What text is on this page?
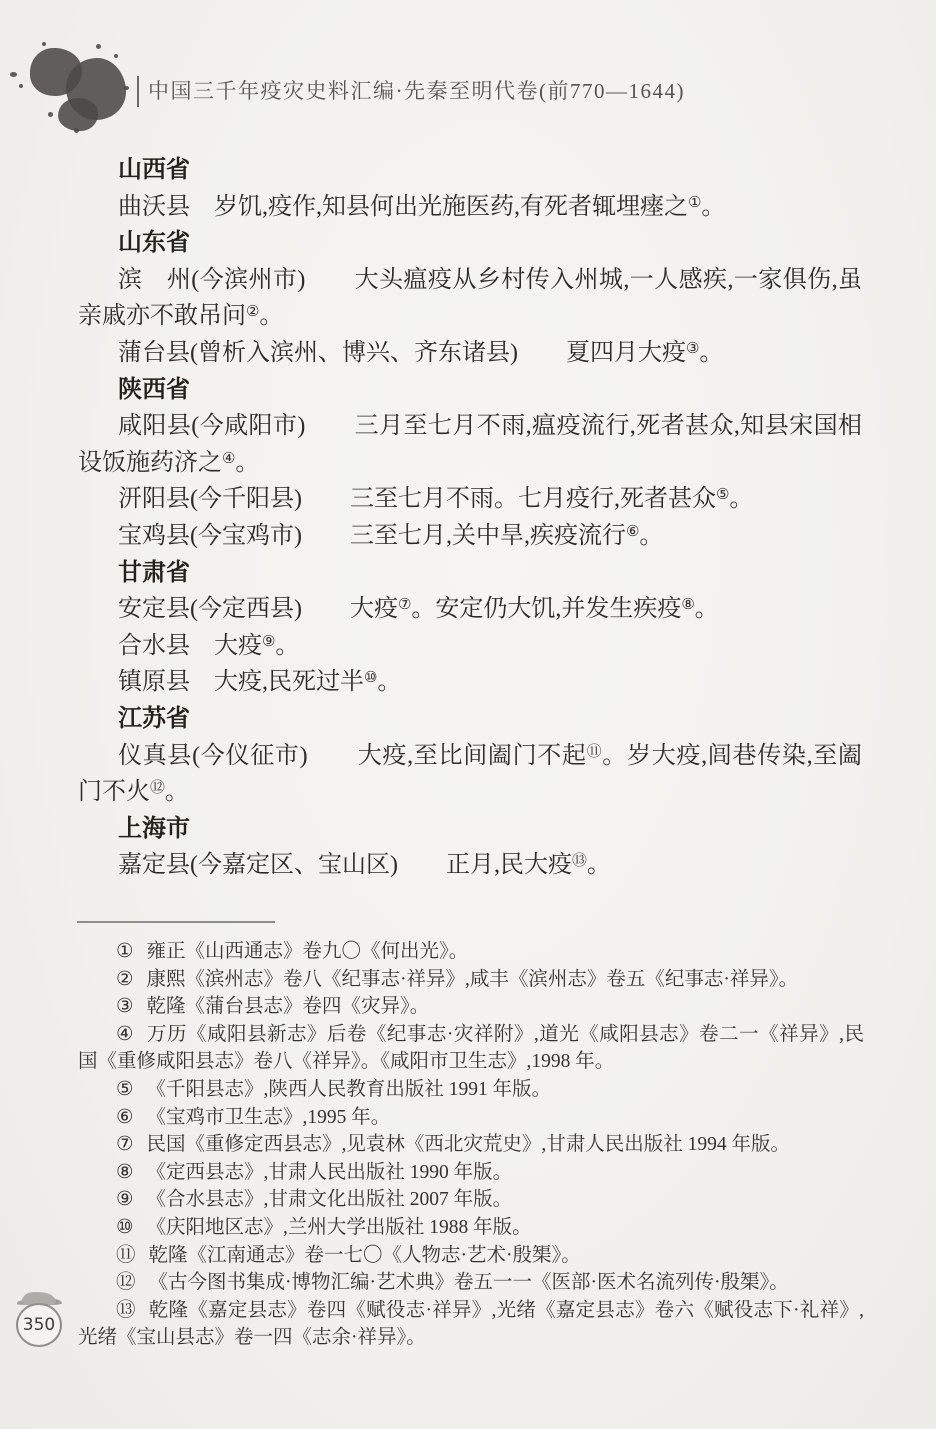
中国三千年疫灾史料汇编·先秦至明代卷(前770—1644)

山西省

曲沃县　岁饥,疫作,知县何出光施医药,有死者辄埋瘗之①。

山东省

滨　州(今滨州市)　　大头瘟疫从乡村传入州城,一人感疾,一家俱伤,虽亲戚亦不敢吊问②。

蒲台县(曾析入滨州、博兴、齐东诸县)　　夏四月大疫③。

陕西省

咸阳县(今咸阳市)　　三月至七月不雨,瘟疫流行,死者甚众,知县宋国相设饭施药济之④。

汧阳县(今千阳县)　　三至七月不雨。七月疫行,死者甚众⑤。

宝鸡县(今宝鸡市)　　三至七月,关中旱,疾疫流行⑥。

甘肃省

安定县(今定西县)　　大疫⑦。安定仍大饥,并发生疾疫⑧。

合水县　大疫⑨。

镇原县　大疫,民死过半⑩。

江苏省

仪真县(今仪征市)　　大疫,至比间阖门不起⑪。岁大疫,闾巷传染,至阖门不火⑫。

上海市

嘉定县(今嘉定区、宝山区)　　正月,民大疫⑬。

① 雍正《山西通志》卷九〇《何出光》。

② 康熙《滨州志》卷八《纪事志·祥异》,咸丰《滨州志》卷五《纪事志·祥异》。

③ 乾隆《蒲台县志》卷四《灾异》。

④ 万历《咸阳县新志》后卷《纪事志·灾祥附》,道光《咸阳县志》卷二一《祥异》,民国《重修咸阳县志》卷八《祥异》。《咸阳市卫生志》,1998 年。

⑤ 《千阳县志》,陕西人民教育出版社 1991 年版。

⑥ 《宝鸡市卫生志》,1995 年。

⑦ 民国《重修定西县志》,见袁林《西北灾荒史》,甘肃人民出版社 1994 年版。

⑧ 《定西县志》,甘肃人民出版社 1990 年版。

⑨ 《合水县志》,甘肃文化出版社 2007 年版。

⑩ 《庆阳地区志》,兰州大学出版社 1988 年版。

⑪ 乾隆《江南通志》卷一七〇《人物志·艺术·殷榘》。

⑫ 《古今图书集成·博物汇编·艺术典》卷五一一《医部·医术名流列传·殷榘》。

⑬ 乾隆《嘉定县志》卷四《赋役志·祥异》,光绪《嘉定县志》卷六《赋役志下·礼祥》,光绪《宝山县志》卷一四《志余·祥异》。

350
